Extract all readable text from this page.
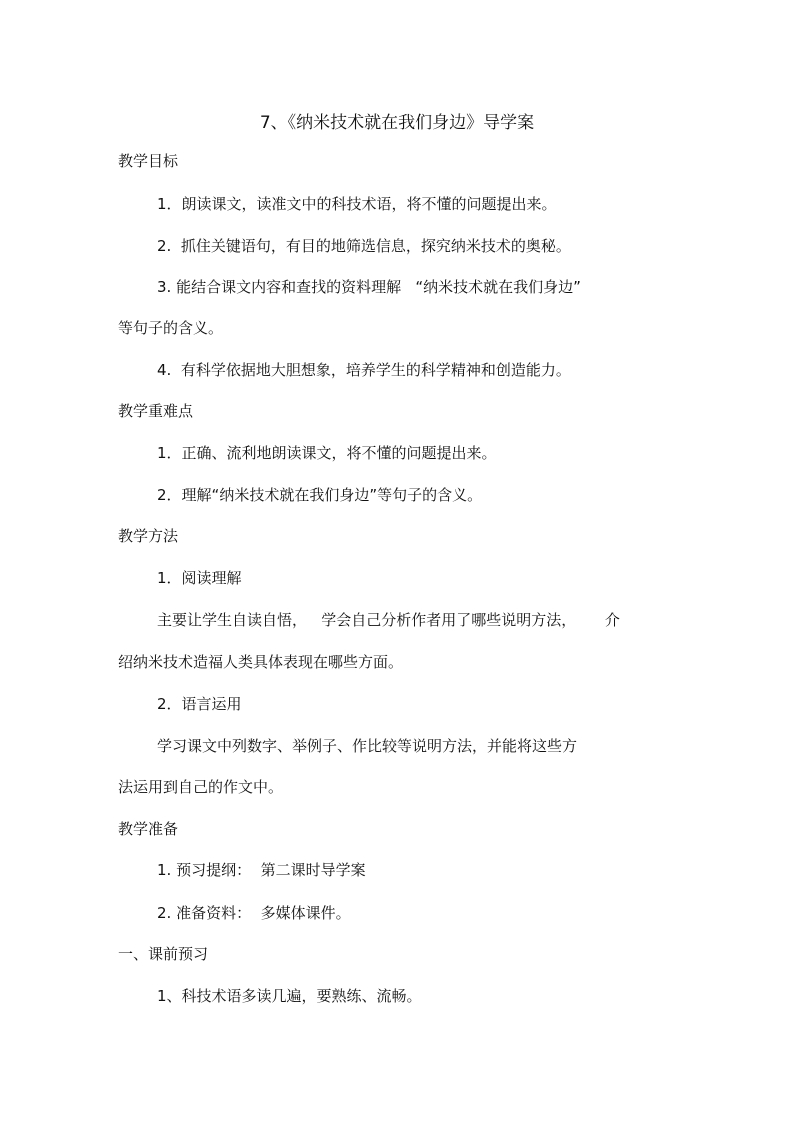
7、《纳米技术就在我们身边》导学案
教学目标
1．朗读课文，读准文中的科技术语，将不懂的问题提出来。
2.  抓住关键语句，有目的地筛选信息，探究纳米技术的奥秘。
3. 能结合课文内容和查找的资料理解   “纳米技术就在我们身边”
等句子的含义。
4.  有科学依据地大胆想象，培养学生的科学精神和创造能力。
教学重难点
1．正确、流利地朗读课文，将不懂的问题提出来。
2．理解“纳米技术就在我们身边”等句子的含义。
教学方法
1．阅读理解
主要让学生自读自悟，   学会自己分析作者用了哪些说明方法，      介
绍纳米技术造福人类具体表现在哪些方面。
2．语言运用
学习课文中列数字、举例子、作比较等说明方法，并能将这些方
法运用到自己的作文中。
教学准备
1. 预习提纲：  第二课时导学案
2. 准备资料：  多媒体课件。
一、课前预习
1、科技术语多读几遍，要熟练、流畅。
